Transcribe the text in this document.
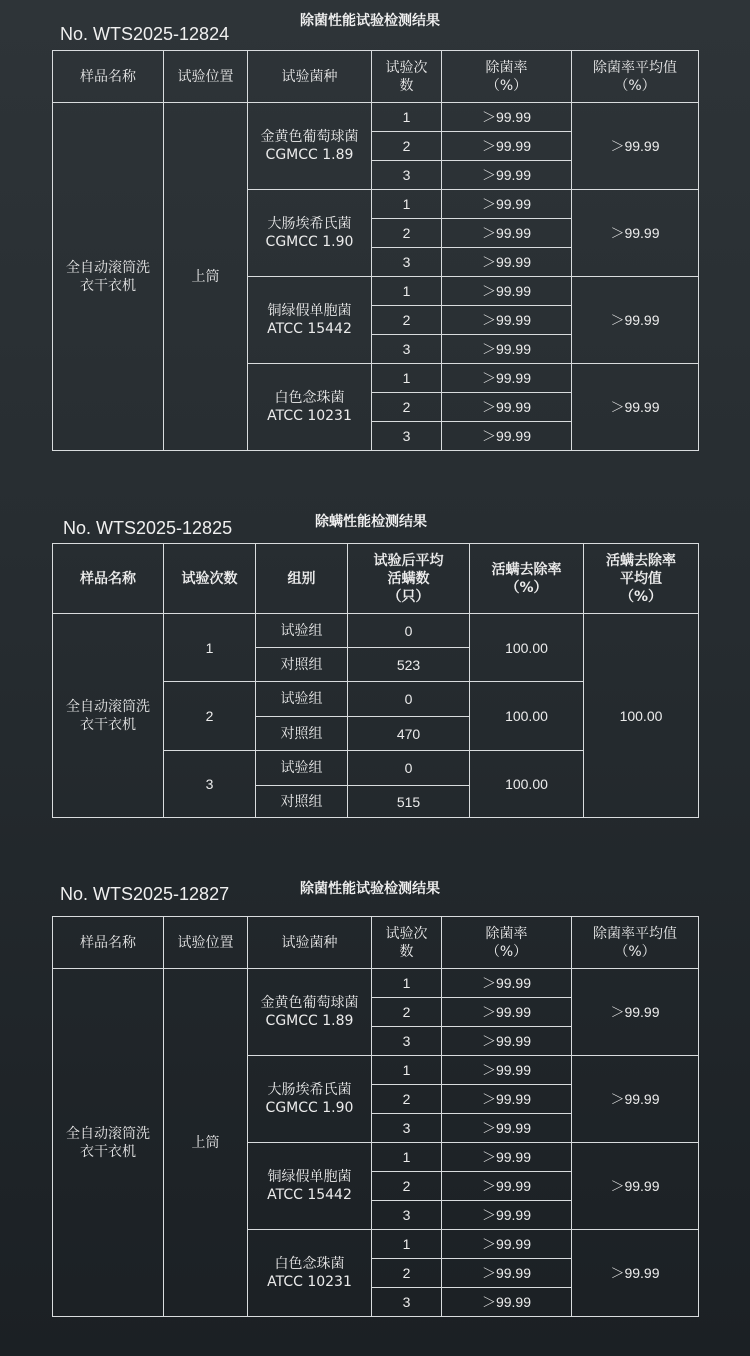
除菌性能试验检测结果
No. WTS2025-12824
样品名称	试验位置	试验菌种	试验次
数	除菌率
（%）	除菌率平均值
（%）
全自动滚筒洗
衣干衣机	上筒	金黄色葡萄球菌
CGMCC 1.89	1	＞99.99	＞99.99
			2	＞99.99	
			3	＞99.99	
		大肠埃希氏菌
CGMCC 1.90	1	＞99.99	＞99.99
			2	＞99.99	
			3	＞99.99	
		铜绿假单胞菌
ATCC 15442	1	＞99.99	＞99.99
			2	＞99.99	
			3	＞99.99	
		白色念珠菌
ATCC 10231	1	＞99.99	＞99.99
			2	＞99.99	
			3	＞99.99	
除螨性能检测结果
No. WTS2025-12825
样品名称	试验次数	组别	试验后平均
活螨数
（只）	活螨去除率
（%）	活螨去除率
平均值
（%）
全自动滚筒洗
衣干衣机	1	试验组	0	100.00	100.00
		对照组	523		
	2	试验组	0	100.00	
		对照组	470		
	3	试验组	0	100.00	
		对照组	515		
除菌性能试验检测结果
No. WTS2025-12827
样品名称	试验位置	试验菌种	试验次
数	除菌率
（%）	除菌率平均值
（%）
全自动滚筒洗
衣干衣机	上筒	金黄色葡萄球菌
CGMCC 1.89	1	＞99.99	＞99.99
			2	＞99.99	
			3	＞99.99	
		大肠埃希氏菌
CGMCC 1.90	1	＞99.99	＞99.99
			2	＞99.99	
			3	＞99.99	
		铜绿假单胞菌
ATCC 15442	1	＞99.99	＞99.99
			2	＞99.99	
			3	＞99.99	
		白色念珠菌
ATCC 10231	1	＞99.99	＞99.99
			2	＞99.99	
			3	＞99.99	
